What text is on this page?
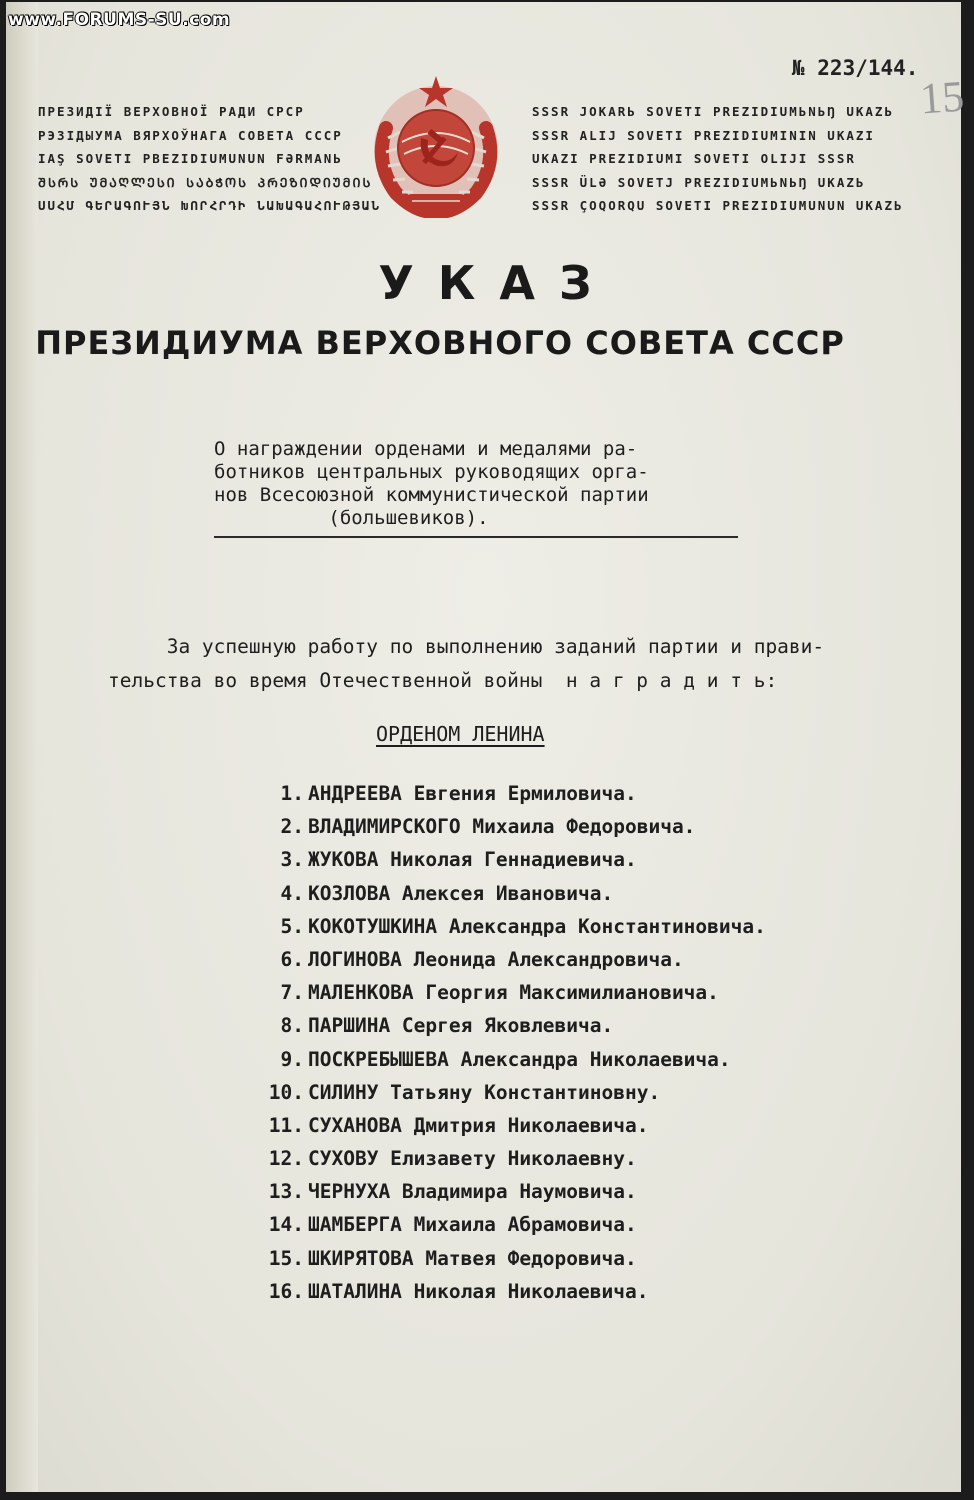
www.FORUMS-SU.com
№ 223/144.
15
ПРЕЗИДIЇ ВЕРХОВНОЇ РАДИ СРСР
РЭЗІДЫУМА ВЯРХОЎНАГА СОВЕТА СССР
IAŞ SOVETI PBEZIDIUMUNUN FƏRMANЬ
ᲨᲡᲠᲡ ᲣᲛᲐᲦᲚᲔᲡᲘ ᲡᲐᲑᲭᲝᲡ ᲞᲠᲔᲖᲘᲓᲘᲣᲛᲘᲡ
ՍՍՀՄ ԳԵՐԱԳՈՒՅՆ ԽՈՐՀՐԴԻ ՆԱԽԱԳԱՀՈՒԹՅԱՆ
SSSR JOKARЬ SOVETI PREZIDIUMЬNЬŊ UKAZЬ
SSSR ALIJ SOVETI PREZIDIUMININ UKAZI
UKAZI PREZIDIUMI SOVETI OLIJI SSSR
SSSR ÜLƏ SOVETJ PREZIDIUMЬNЬŊ UKAZЬ
SSSR ÇOQORQU SOVETI PREZIDIUMUNUN UKAZЬ
УКАЗ
ПРЕЗИДИУМА ВЕРХОВНОГО СОВЕТА СССР
О награждении орденами и медалями ра-
ботников центральных руководящих орга-
нов Всесоюзной коммунистической партии
(большевиков).
За успешную работу по выполнению заданий партии и прави-
тельства во время Отечественной войны  н а г р а д и т ь:
ОРДЕНОМ ЛЕНИНА
1. АНДРЕЕВА Евгения Ермиловича.
2. ВЛАДИМИРСКОГО Михаила Федоровича.
3. ЖУКОВА Николая Геннадиевича.
4. КОЗЛОВА Алексея Ивановича.
5. КОКОТУШКИНА Александра Константиновича.
6. ЛОГИНОВА Леонида Александровича.
7. МАЛЕНКОВА Георгия Максимилиановича.
8. ПАРШИНА Сергея Яковлевича.
9. ПОСКРЕБЫШЕВА Александра Николаевича.
10. СИЛИНУ Татьяну Константиновну.
11. СУХАНОВА Дмитрия Николаевича.
12. СУХОВУ Елизавету Николаевну.
13. ЧЕРНУХА Владимира Наумовича.
14. ШАМБЕРГА Михаила Абрамовича.
15. ШКИРЯТОВА Матвея Федоровича.
16. ШАТАЛИНА Николая Николаевича.
